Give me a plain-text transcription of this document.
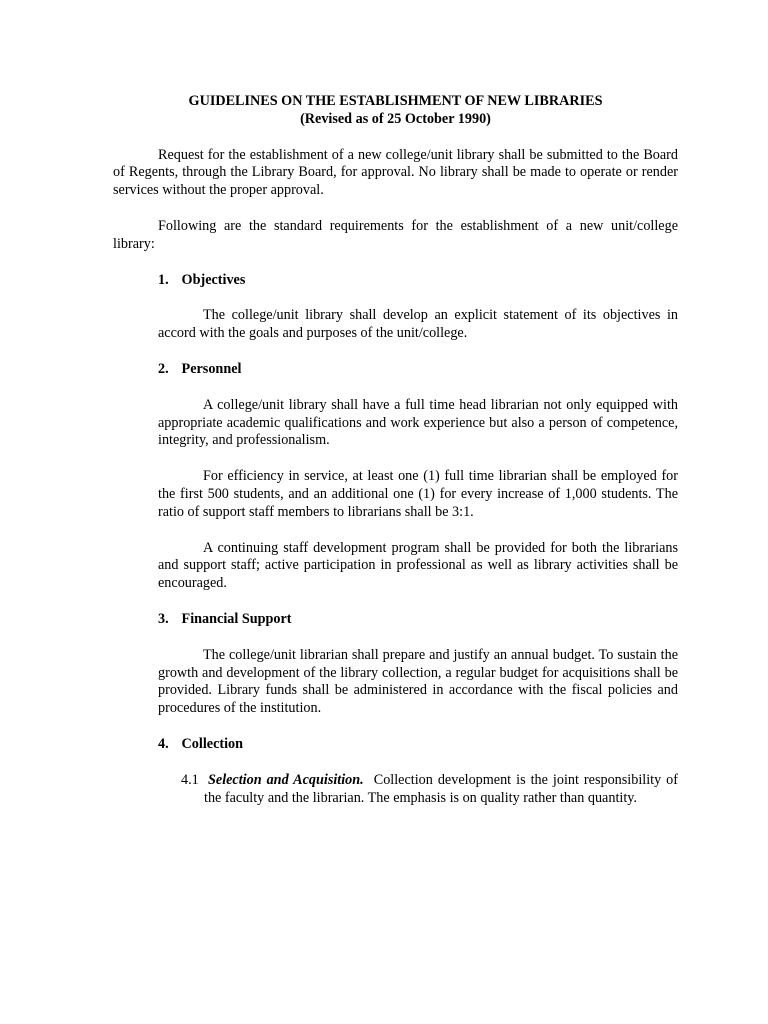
GUIDELINES ON THE ESTABLISHMENT OF NEW LIBRARIES
(Revised as of 25 October 1990)

Request for the establishment of a new college/unit library shall be submitted to the Board of Regents, through the Library Board, for approval. No library shall be made to operate or render services without the proper approval.

Following are the standard requirements for the establishment of a new unit/college library:

1. Objectives

The college/unit library shall develop an explicit statement of its objectives in accord with the goals and purposes of the unit/college.

2. Personnel

A college/unit library shall have a full time head librarian not only equipped with appropriate academic qualifications and work experience but also a person of competence, integrity, and professionalism.

For efficiency in service, at least one (1) full time librarian shall be employed for the first 500 students, and an additional one (1) for every increase of 1,000 students. The ratio of support staff members to librarians shall be 3:1.

A continuing staff development program shall be provided for both the librarians and support staff; active participation in professional as well as library activities shall be encouraged.

3. Financial Support

The college/unit librarian shall prepare and justify an annual budget. To sustain the growth and development of the library collection, a regular budget for acquisitions shall be provided. Library funds shall be administered in accordance with the fiscal policies and procedures of the institution.

4. Collection

4.1 Selection and Acquisition. Collection development is the joint responsibility of the faculty and the librarian. The emphasis is on quality rather than quantity.
